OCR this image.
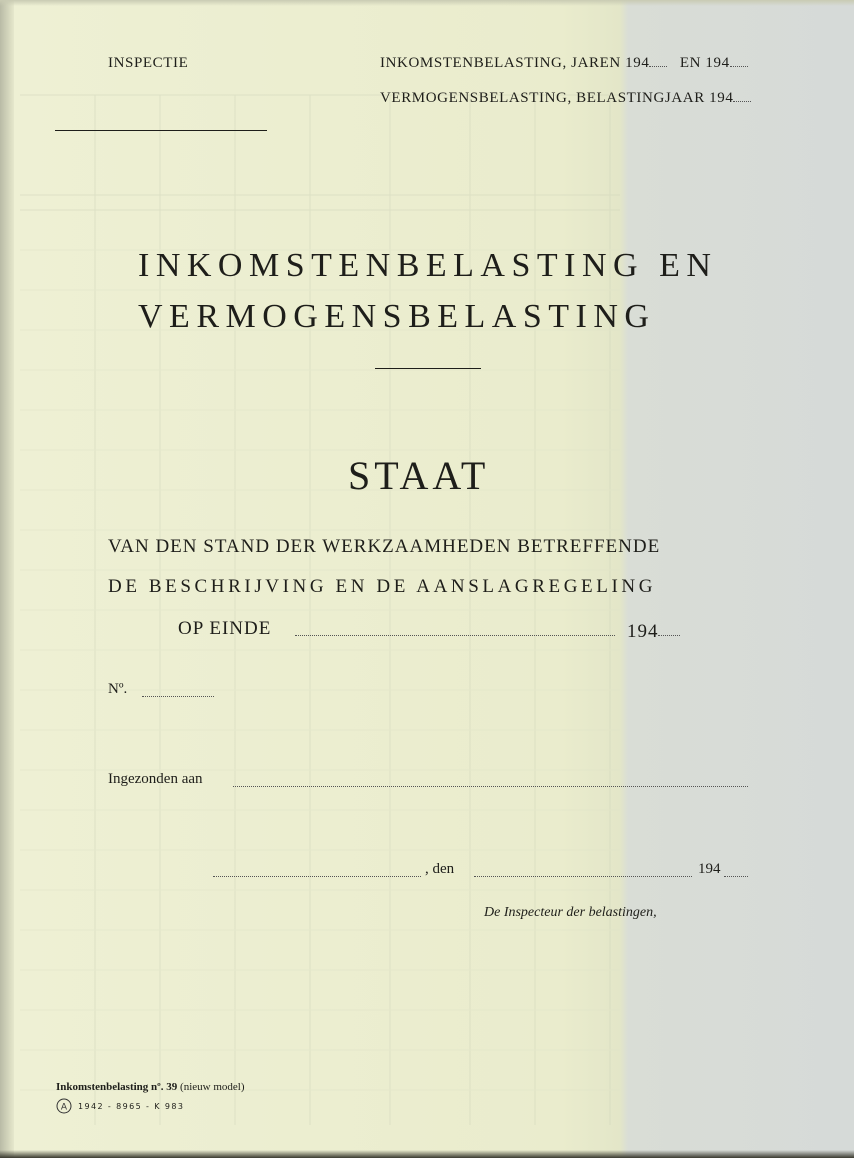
INSPECTIE	INKOMSTENBELASTING, JAREN 194 EN 194
VERMOGENSBELASTING, BELASTINGJAAR 194
INKOMSTENBELASTING EN
VERMOGENSBELASTING
STAAT
VAN DEN STAND DER WERKZAAMHEDEN BETREFFENDE
DE BESCHRIJVING EN DE AANSLAGREGELING
OP EINDE	194
Nº.
Ingezonden aan
, den	194
De Inspecteur der belastingen,
Inkomstenbelasting nº. 39 (nieuw model)
A 1942 - 8965 - K 983
